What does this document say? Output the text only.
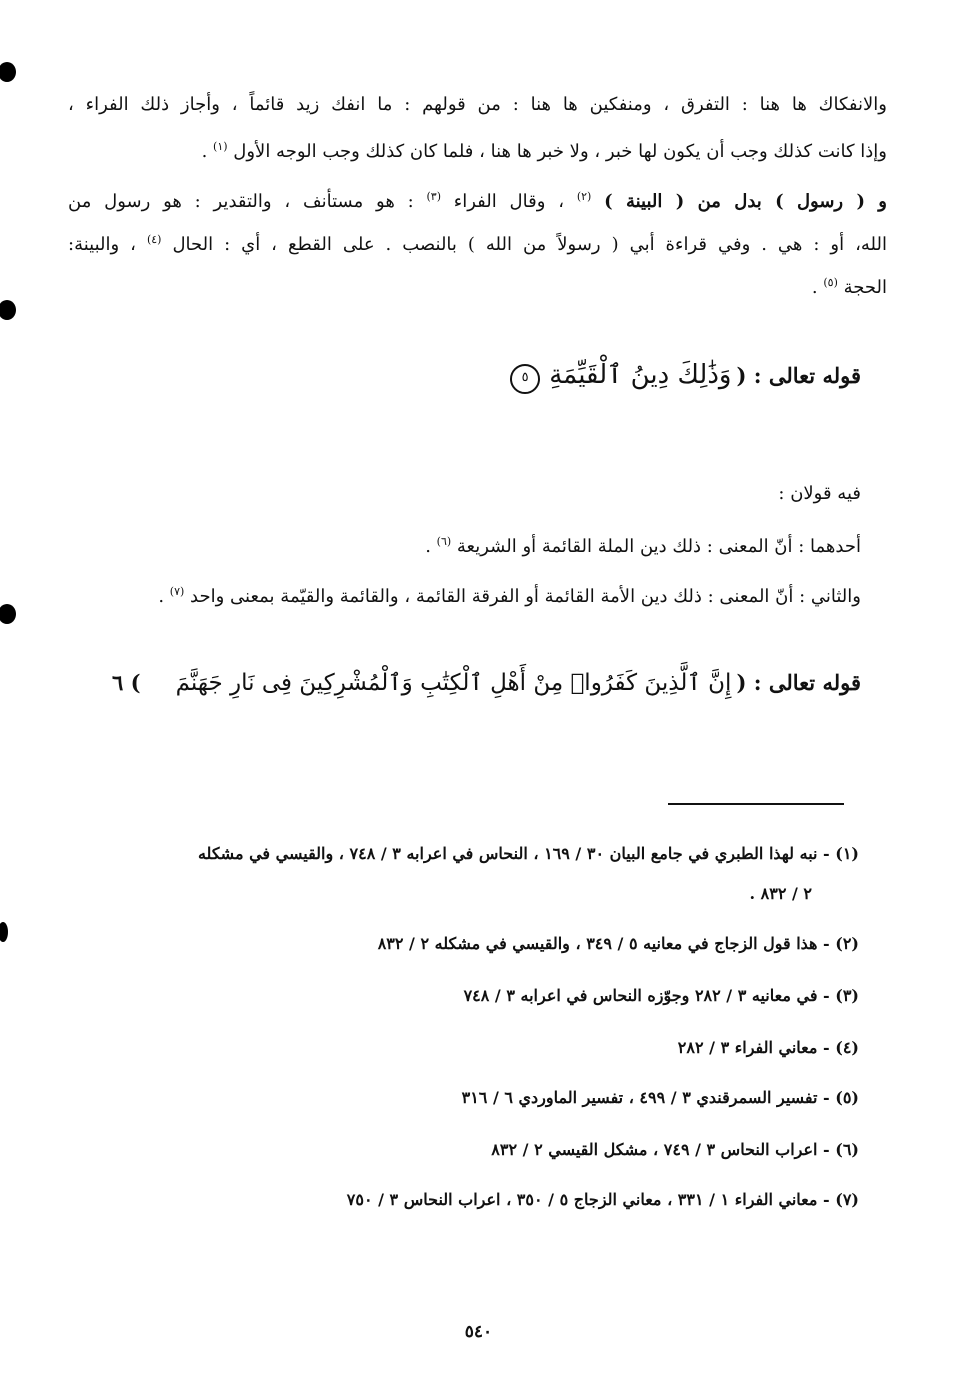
والانفكاك ها هنا : التفرق ، ومنفكين ها هنا : من قولهم : ما انفك زيد قائماً ، وأجاز ذلك الفراء ،
وإذا كانت كذلك وجب أن يكون لها خبر ، ولا خبر ها هنا ، فلما كان كذلك وجب الوجه الأول $^{(١)}$ .
و ( رسول ) بدل من ( البينة ) $^{(٢)}$ ، وقال الفراء $^{(٣)}$ : هو مستأنف ، والتقدير : هو رسول من
الله، أو : هي . وفي قراءة أبي ( رسولاً من الله ) بالنصب . على القطع ، أي : الحال $^{(٤)}$ ، والبينة:
الحجة $^{(٥)}$ .
قوله تعالى : ( وَذَٰلِكَ دِينُ ٱلْقَيِّمَةِ ٥
فيه قولان :
أحدهما : أنّ المعنى : ذلك دين الملة القائمة أو الشريعة $^{(٦)}$ .
والثاني : أنّ المعنى : ذلك دين الأمة القائمة أو الفرقة القائمة ، والقائمة والقيّمة بمعنى واحد $^{(٧)}$ .
قوله تعالى : ( إِنَّ ٱلَّذِينَ كَفَرُوا۟ مِنْ أَهْلِ ٱلْكِتَٰبِ وَٱلْمُشْرِكِينَ فِى نَارِ جَهَنَّمَ ) ٦
(١) - نبه لهذا الطبري في جامع البيان ٣٠ / ١٦٩ ، النحاس في اعرابه ٣ / ٧٤٨ ، والقيسي في مشكله
٢ / ٨٣٢ .
(٢) - هذا قول الزجاج في معانيه ٥ / ٣٤٩ ، والقيسي في مشكله ٢ / ٨٣٢
(٣) - في معانيه ٣ / ٢٨٢ وجوّزه النحاس في اعرابه ٣ / ٧٤٨
(٤) - معاني الفراء ٣ / ٢٨٢
(٥) - تفسير السمرقندي ٣ / ٤٩٩ ، تفسير الماوردي ٦ / ٣١٦
(٦) - اعراب النحاس ٣ / ٧٤٩ ، مشكل القيسي ٢ / ٨٣٢
(٧) - معاني الفراء ١ / ٣٣١ ، معاني الزجاج ٥ / ٣٥٠ ، اعراب النحاس ٣ / ٧٥٠
٥٤٠
